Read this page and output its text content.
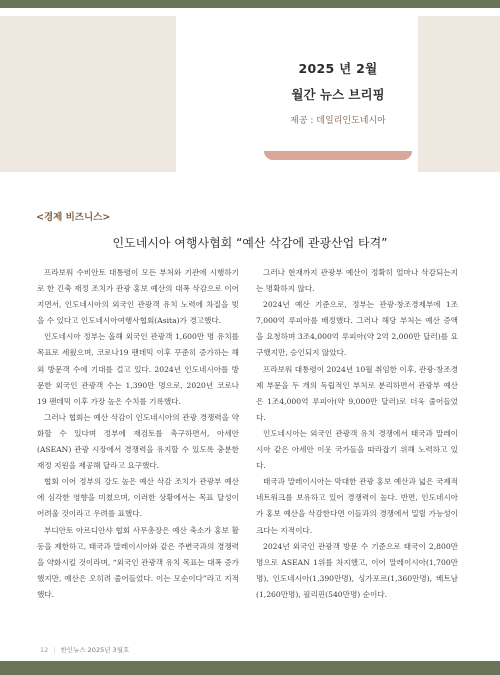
2025 년 2월
월간 뉴스 브리핑
제공 : 데일리인도네시아
<경제 비즈니스>
인도네시아 여행사협회 “예산 삭감에 관광산업 타격”

프라보워 수비안토 대통령이 모든 부처와 기관에 시행하기로 한 긴축 재정 조치가 관광 홍보 예산의 대폭 삭감으로 이어지면서, 인도네시아의 외국인 관광객 유치 노력에 차질을 빚을 수 있다고 인도네시아여행사협회(Asita)가 경고했다.

인도네시아 정부는 올해 외국인 관광객 1,600만 명 유치를 목표로 세웠으며, 코로나19 팬데믹 이후 꾸준히 증가하는 해외 방문객 수에 기대를 걸고 있다. 2024년 인도네시아를 방문한 외국인 관광객 수는 1,390만 명으로, 2020년 코로나19 팬데믹 이후 가장 높은 수치를 기록했다.

그러나 협회는 예산 삭감이 인도네시아의 관광 경쟁력을 약화할 수 있다며 정부에 재검토를 촉구하면서, 아세안(ASEAN) 관광 시장에서 경쟁력을 유지할 수 있도록 충분한 재정 지원을 제공해 달라고 요구했다.

협회 이어 정부의 강도 높은 예산 삭감 조치가 관광부 예산에 심각한 영향을 미쳤으며, 이러한 상황에서는 목표 달성이 어려울 것이라고 우려를 표했다.

부디안토 아르디안샤 협회 사무총장은 예산 축소가 홍보 활동을 제한하고, 태국과 말레이시아와 같은 주변국과의 경쟁력을 약화시킬 것이라며, “외국인 관광객 유치 목표는 대폭 증가했지만, 예산은 오히려 줄어들었다. 이는 모순이다”라고 지적했다.

그러나 현재까지 관광부 예산이 정확히 얼마나 삭감되는지는 명확하지 않다.

2024년 예산 기준으로, 정부는 관광·창조경제부에 1조7,000억 루피아를 배정했다. 그러나 해당 부처는 예산 증액을 요청하며 3조4,000억 루피아(약 2억 2,000만 달러)를 요구했지만, 승인되지 않았다.

프라보워 대통령이 2024년 10월 취임한 이후, 관광·창조경제 부문을 두 개의 독립적인 부처로 분리하면서 관광부 예산은 1조4,000억 루피아(약 9,000만 달러)로 더욱 줄어들었다.

인도네시아는 외국인 관광객 유치 경쟁에서 태국과 말레이시아 같은 아세안 이웃 국가들을 따라잡기 위해 노력하고 있다.

태국과 말레이시아는 막대한 관광 홍보 예산과 넓은 국제적 네트워크를 보유하고 있어 경쟁력이 높다. 반면, 인도네시아가 홍보 예산을 삭감한다면 이들과의 경쟁에서 밀릴 가능성이 크다는 지적이다.

2024년 외국인 관광객 방문 수 기준으로 태국이 2,800만 명으로 ASEAN 1위를 차지했고, 이어 말레이시아(1,700만명), 인도네시아(1,390만명), 싱가포르(1,360만명), 베트남(1,260만명), 필리핀(540만명) 순이다.

12 | 한인뉴스 2025년 3월호
